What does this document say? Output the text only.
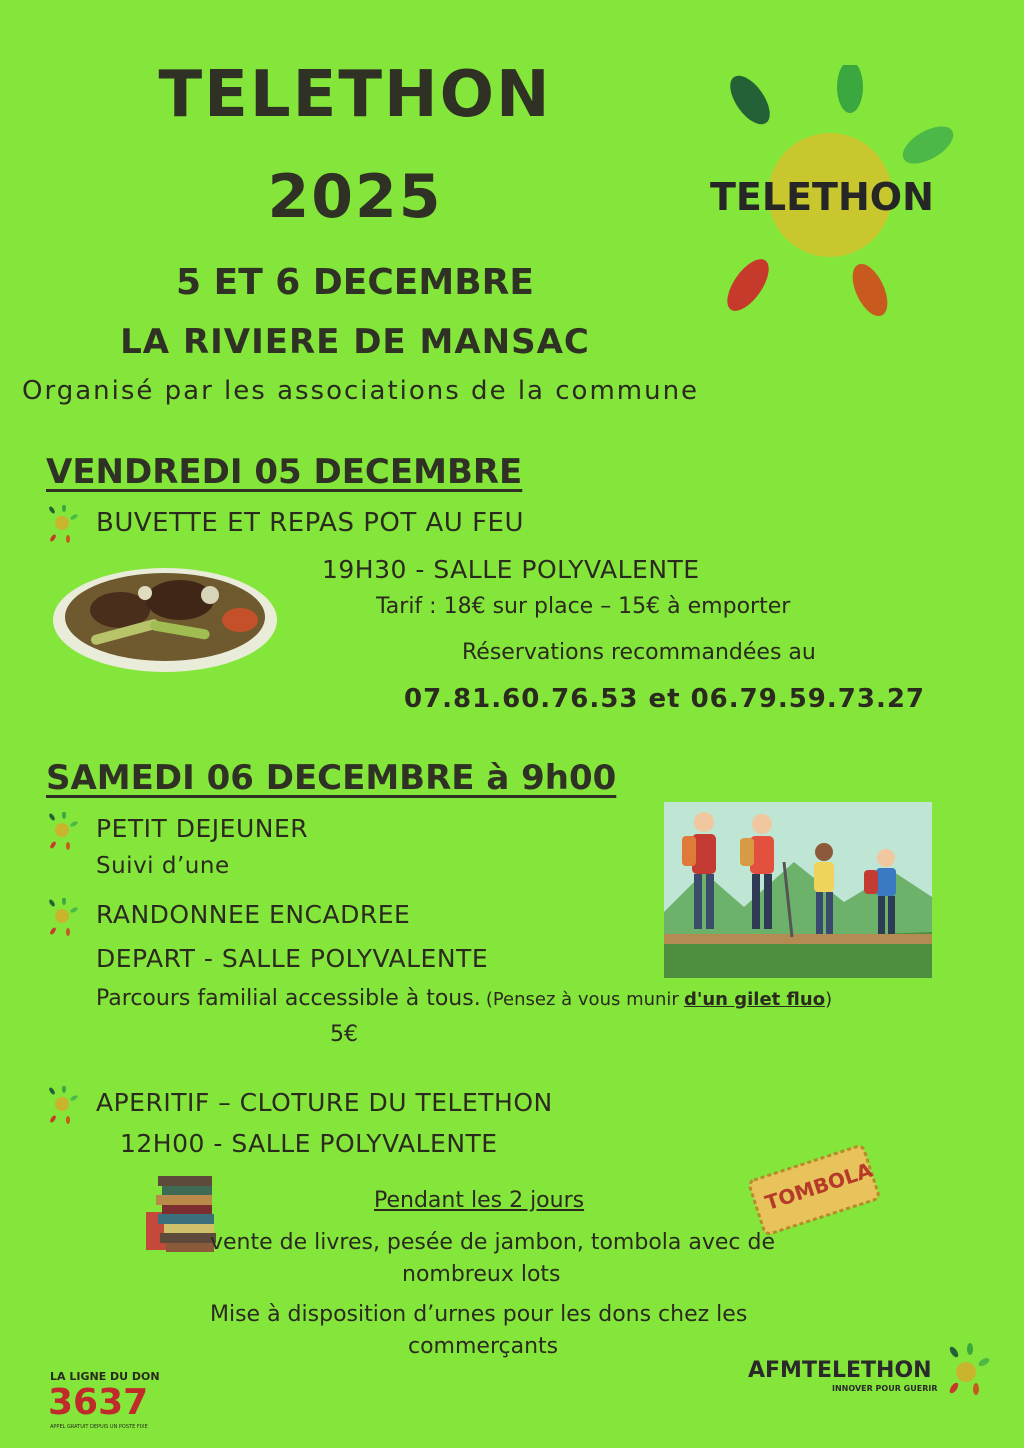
TELETHON
2025
5 ET 6 DECEMBRE
LA RIVIERE DE MANSAC
Organisé par les associations de la commune
TELETHON
VENDREDI 05 DECEMBRE
BUVETTE ET REPAS POT AU FEU
19H30 - SALLE POLYVALENTE
Tarif : 18€ sur place – 15€ à emporter
Réservations recommandées au
07.81.60.76.53 et 06.79.59.73.27
SAMEDI 06 DECEMBRE à 9h00
PETIT DEJEUNER
Suivi d’une
RANDONNEE ENCADREE
DEPART - SALLE POLYVALENTE
Parcours familial accessible à tous. (Pensez à vous munir d'un gilet fluo)
5€
APERITIF – CLOTURE DU TELETHON
12H00 - SALLE POLYVALENTE
TOMBOLA
Pendant les 2 jours
vente de livres, pesée de jambon, tombola avec de
nombreux lots
Mise à disposition d’urnes pour les dons chez les
commerçants
LA LIGNE DU DON
3637
APPEL GRATUIT DEPUIS UN POSTE FIXE
AFMTELETHON
INNOVER POUR GUERIR
